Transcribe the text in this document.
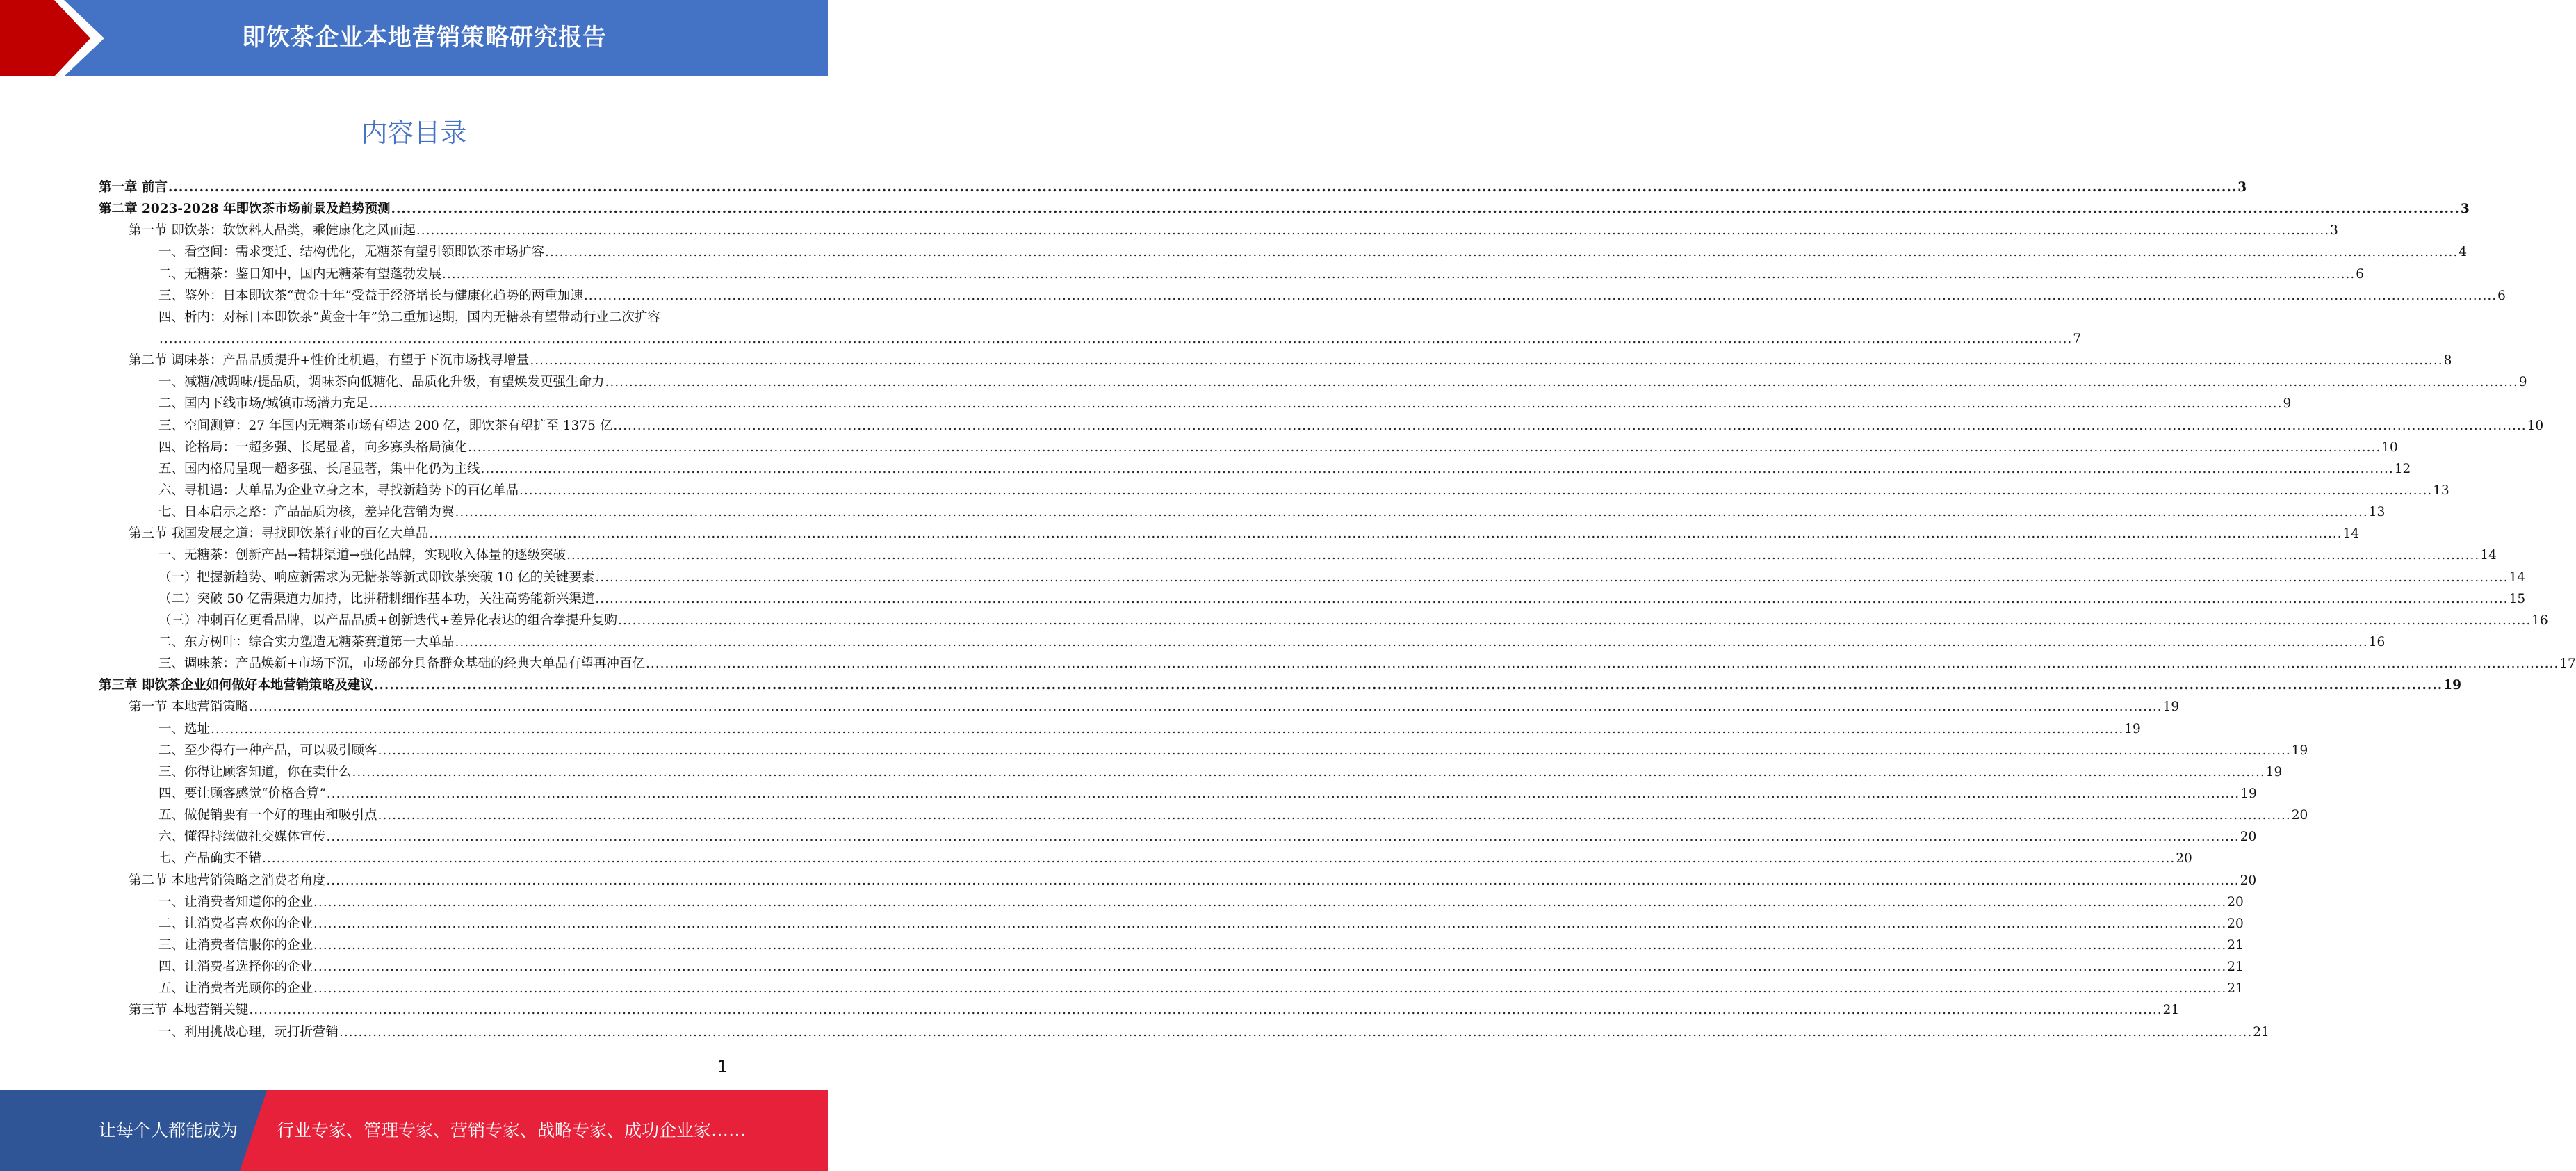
即饮茶企业本地营销策略研究报告
内容目录
第一章 前言 ................................................................................................................................................................................................................................................................................................................................................................................................................ 3
第二章 2023-2028 年即饮茶市场前景及趋势预测 ................................................................................................................................................................................................................................................................................................................................................................................................................ 3
第一节 即饮茶：软饮料大品类，乘健康化之风而起 ................................................................................................................................................................................................................................................................................................................................................................................................................ 3
一、看空间：需求变迁、结构优化，无糖茶有望引领即饮茶市场扩容 ................................................................................................................................................................................................................................................................................................................................................................................................................ 4
二、无糖茶：鉴日知中，国内无糖茶有望蓬勃发展 ................................................................................................................................................................................................................................................................................................................................................................................................................ 6
三、鉴外：日本即饮茶“黄金十年”受益于经济增长与健康化趋势的两重加速 ................................................................................................................................................................................................................................................................................................................................................................................................................ 6
四、析内：对标日本即饮茶“黄金十年”第二重加速期，国内无糖茶有望带动行业二次扩容
................................................................................................................................................................................................................................................................................................................................................................................................................ 7
第二节 调味茶：产品品质提升+性价比机遇，有望于下沉市场找寻增量 ................................................................................................................................................................................................................................................................................................................................................................................................................ 8
一、减糖/减调味/提品质，调味茶向低糖化、品质化升级，有望焕发更强生命力 ................................................................................................................................................................................................................................................................................................................................................................................................................ 9
二、国内下线市场/城镇市场潜力充足 ................................................................................................................................................................................................................................................................................................................................................................................................................ 9
三、空间测算：27 年国内无糖茶市场有望达 200 亿，即饮茶有望扩至 1375 亿 ................................................................................................................................................................................................................................................................................................................................................................................................................ 10
四、论格局：一超多强、长尾显著，向多寡头格局演化 ................................................................................................................................................................................................................................................................................................................................................................................................................ 10
五、国内格局呈现一超多强、长尾显著，集中化仍为主线 ................................................................................................................................................................................................................................................................................................................................................................................................................ 12
六、寻机遇：大单品为企业立身之本，寻找新趋势下的百亿单品 ................................................................................................................................................................................................................................................................................................................................................................................................................ 13
七、日本启示之路：产品品质为核，差异化营销为翼 ................................................................................................................................................................................................................................................................................................................................................................................................................ 13
第三节 我国发展之道：寻找即饮茶行业的百亿大单品 ................................................................................................................................................................................................................................................................................................................................................................................................................ 14
一、无糖茶：创新产品→精耕渠道→强化品牌，实现收入体量的逐级突破 ................................................................................................................................................................................................................................................................................................................................................................................................................ 14
（一）把握新趋势、响应新需求为无糖茶等新式即饮茶突破 10 亿的关键要素 ................................................................................................................................................................................................................................................................................................................................................................................................................ 14
（二）突破 50 亿需渠道力加持，比拼精耕细作基本功，关注高势能新兴渠道 ................................................................................................................................................................................................................................................................................................................................................................................................................ 15
（三）冲刺百亿更看品牌，以产品品质+创新迭代+差异化表达的组合拳提升复购 ................................................................................................................................................................................................................................................................................................................................................................................................................ 16
二、东方树叶：综合实力塑造无糖茶赛道第一大单品 ................................................................................................................................................................................................................................................................................................................................................................................................................ 16
三、调味茶：产品焕新+市场下沉，市场部分具备群众基础的经典大单品有望再冲百亿 ................................................................................................................................................................................................................................................................................................................................................................................................................ 17
第三章 即饮茶企业如何做好本地营销策略及建议 ................................................................................................................................................................................................................................................................................................................................................................................................................ 19
第一节 本地营销策略 ................................................................................................................................................................................................................................................................................................................................................................................................................ 19
一、选址 ................................................................................................................................................................................................................................................................................................................................................................................................................ 19
二、至少得有一种产品，可以吸引顾客 ................................................................................................................................................................................................................................................................................................................................................................................................................ 19
三、你得让顾客知道，你在卖什么 ................................................................................................................................................................................................................................................................................................................................................................................................................ 19
四、要让顾客感觉“价格合算” ................................................................................................................................................................................................................................................................................................................................................................................................................ 19
五、做促销要有一个好的理由和吸引点 ................................................................................................................................................................................................................................................................................................................................................................................................................ 20
六、懂得持续做社交媒体宣传 ................................................................................................................................................................................................................................................................................................................................................................................................................ 20
七、产品确实不错 ................................................................................................................................................................................................................................................................................................................................................................................................................ 20
第二节 本地营销策略之消费者角度 ................................................................................................................................................................................................................................................................................................................................................................................................................ 20
一、让消费者知道你的企业 ................................................................................................................................................................................................................................................................................................................................................................................................................ 20
二、让消费者喜欢你的企业 ................................................................................................................................................................................................................................................................................................................................................................................................................ 20
三、让消费者信服你的企业 ................................................................................................................................................................................................................................................................................................................................................................................................................ 21
四、让消费者选择你的企业 ................................................................................................................................................................................................................................................................................................................................................................................................................ 21
五、让消费者光顾你的企业 ................................................................................................................................................................................................................................................................................................................................................................................................................ 21
第三节 本地营销关键 ................................................................................................................................................................................................................................................................................................................................................................................................................ 21
一、利用挑战心理，玩打折营销 ................................................................................................................................................................................................................................................................................................................................................................................................................ 21
1
让每个人都能成为 行业专家、管理专家、营销专家、战略专家、成功企业家……
